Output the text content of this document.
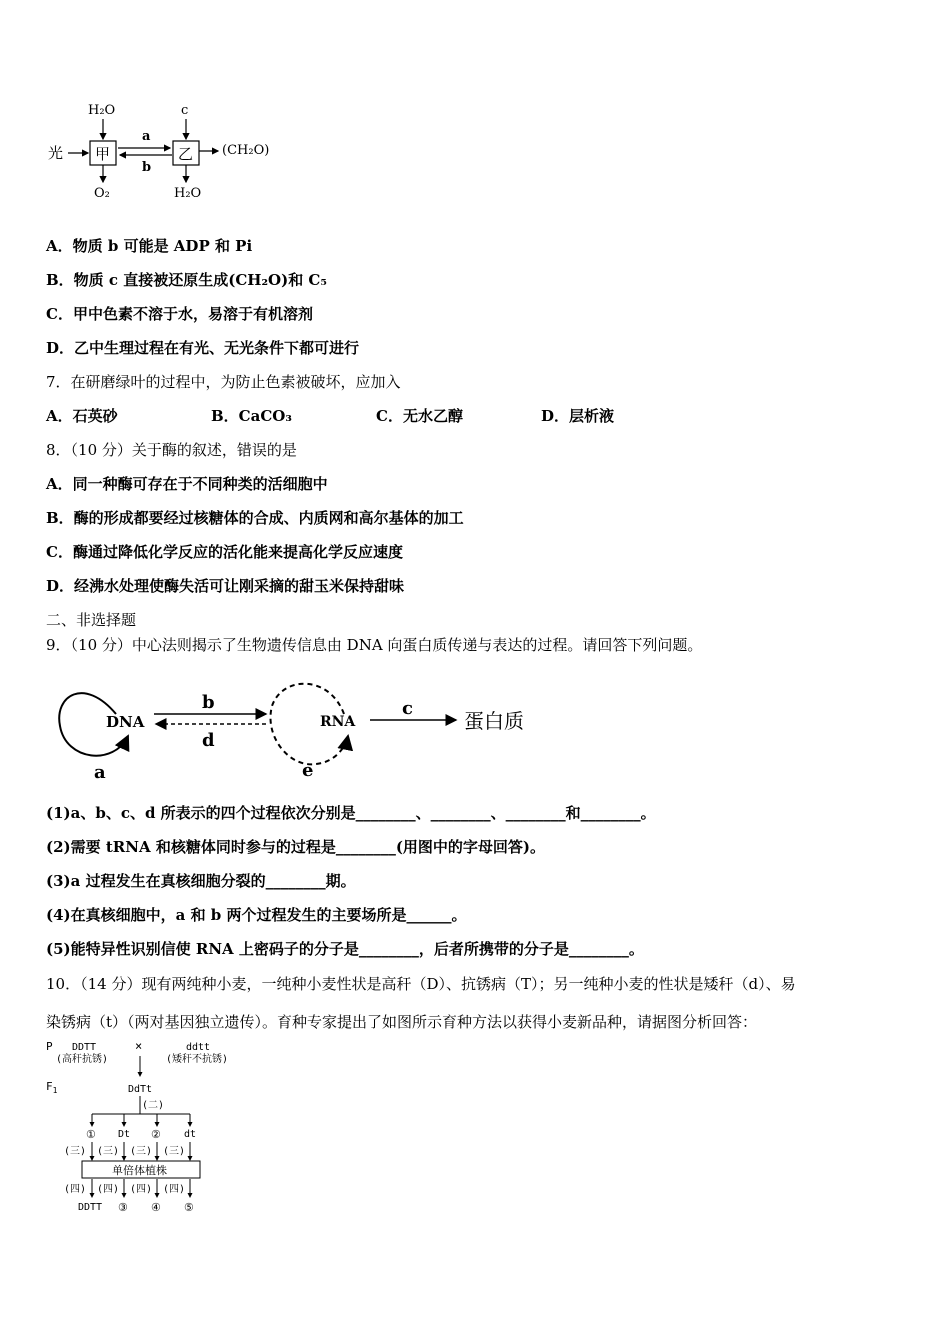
光 甲
H₂O
O₂
a
b
乙
c
H₂O
(CH₂O)
A．物质 b 可能是 ADP 和 Pi
B．物质 c 直接被还原生成(CH₂O)和 C₅
C．甲中色素不溶于水，易溶于有机溶剂
D．乙中生理过程在有光、无光条件下都可进行
7．在研磨绿叶的过程中，为防止色素被破坏，应加入
A．石英砂	B．CaCO₃	C．无水乙醇	D．层析液
8．（10 分）关于酶的叙述，错误的是
A．同一种酶可存在于不同种类的活细胞中
B．酶的形成都要经过核糖体的合成、内质网和高尔基体的加工
C．酶通过降低化学反应的活化能来提高化学反应速度
D．经沸水处理使酶失活可让刚采摘的甜玉米保持甜味
二、非选择题
9．（10 分）中心法则揭示了生物遗传信息由 DNA 向蛋白质传递与表达的过程。请回答下列问题。
a
DNA
b
d
e
RNA
c
蛋白质
(1)a、b、c、d 所表示的四个过程依次分别是________、________、________和________。
(2)需要 tRNA 和核糖体同时参与的过程是________(用图中的字母回答)。
(3)a 过程发生在真核细胞分裂的________期。
(4)在真核细胞中，a 和 b 两个过程发生的主要场所是______。
(5)能特异性识别信使 RNA 上密码子的分子是________，后者所携带的分子是________。
10．（14 分）现有两纯种小麦，一纯种小麦性状是高秆（D）、抗锈病（T）；另一纯种小麦的性状是矮秆（d）、易
染锈病（t）（两对基因独立遗传）。育种专家提出了如图所示育种方法以获得小麦新品种，请据图分析回答：
P DDTT	×	ddtt
(高秆抗锈)	(矮秆不抗锈)
$F_1$	DdTt
(二)
① Dt ② dt
(三) (三) (三) (三)
单倍体植株
(四) (四) (四) (四)
DDTT ③ ④ ⑤
